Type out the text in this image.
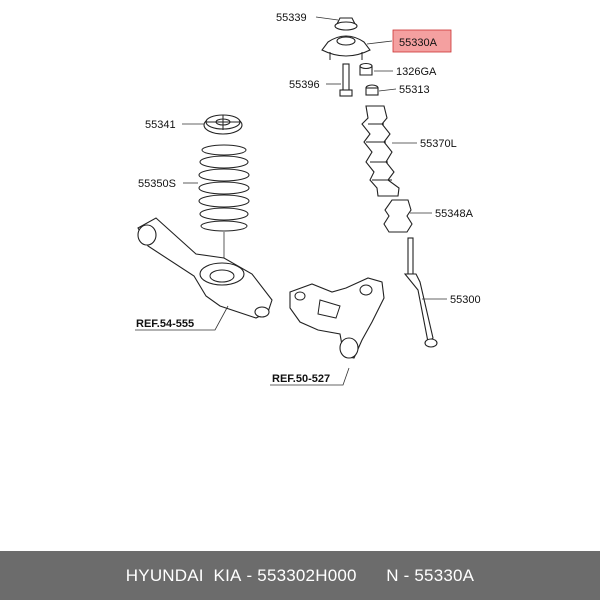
55339
55330A
1326GA
55396	55313
55341
55370L
55350S
55348A
55300
REF.54-555
REF.50-527
HYUNDAI  KIA
- 553302H000
N - 55330A
